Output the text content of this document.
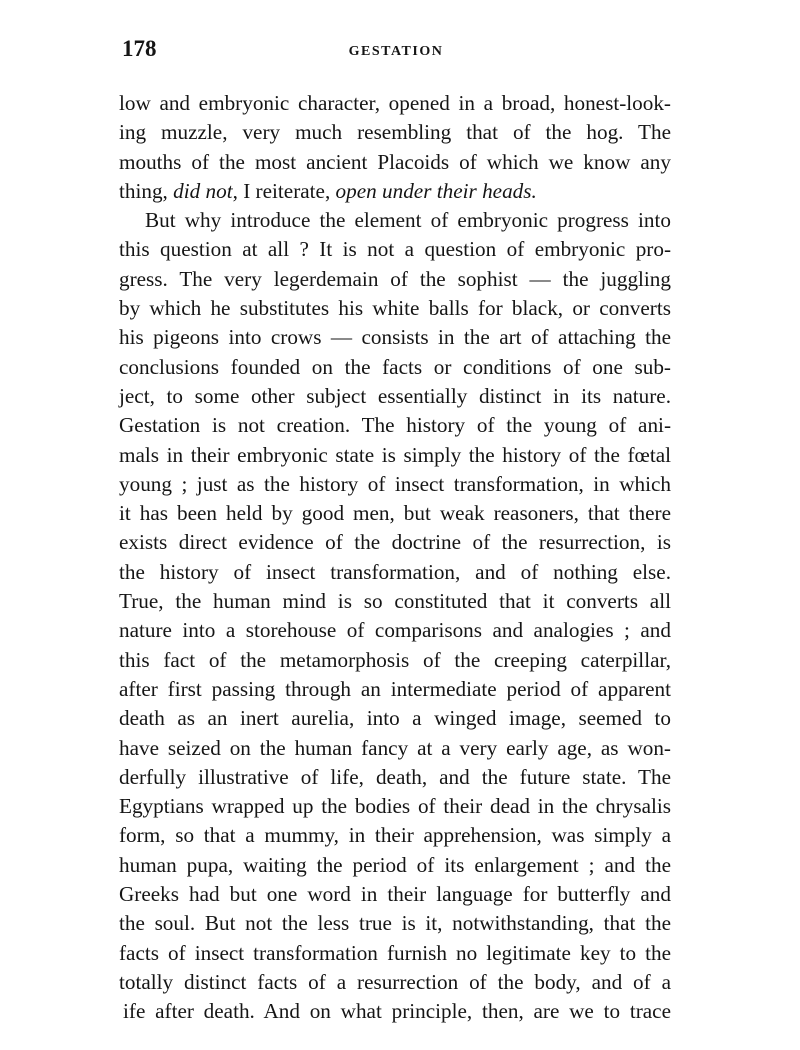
178	GESTATION
low and embryonic character, opened in a broad, honest-look-
ing muzzle, very much resembling that of the hog. The
mouths of the most ancient Placoids of which we know any
thing, did not, I reiterate, open under their heads.
But why introduce the element of embryonic progress into
this question at all ? It is not a question of embryonic pro-
gress. The very legerdemain of the sophist — the juggling
by which he substitutes his white balls for black, or converts
his pigeons into crows — consists in the art of attaching the
conclusions founded on the facts or conditions of one sub-
ject, to some other subject essentially distinct in its nature.
Gestation is not creation. The history of the young of ani-
mals in their embryonic state is simply the history of the fœtal
young ; just as the history of insect transformation, in which
it has been held by good men, but weak reasoners, that there
exists direct evidence of the doctrine of the resurrection, is
the history of insect transformation, and of nothing else.
True, the human mind is so constituted that it converts all
nature into a storehouse of comparisons and analogies ; and
this fact of the metamorphosis of the creeping caterpillar,
after first passing through an intermediate period of apparent
death as an inert aurelia, into a winged image, seemed to
have seized on the human fancy at a very early age, as won-
derfully illustrative of life, death, and the future state. The
Egyptians wrapped up the bodies of their dead in the chrysalis
form, so that a mummy, in their apprehension, was simply a
human pupa, waiting the period of its enlargement ; and the
Greeks had but one word in their language for butterfly and
the soul. But not the less true is it, notwithstanding, that the
facts of insect transformation furnish no legitimate key to the
totally distinct facts of a resurrection of the body, and of a
ife after death. And on what principle, then, are we to trace
